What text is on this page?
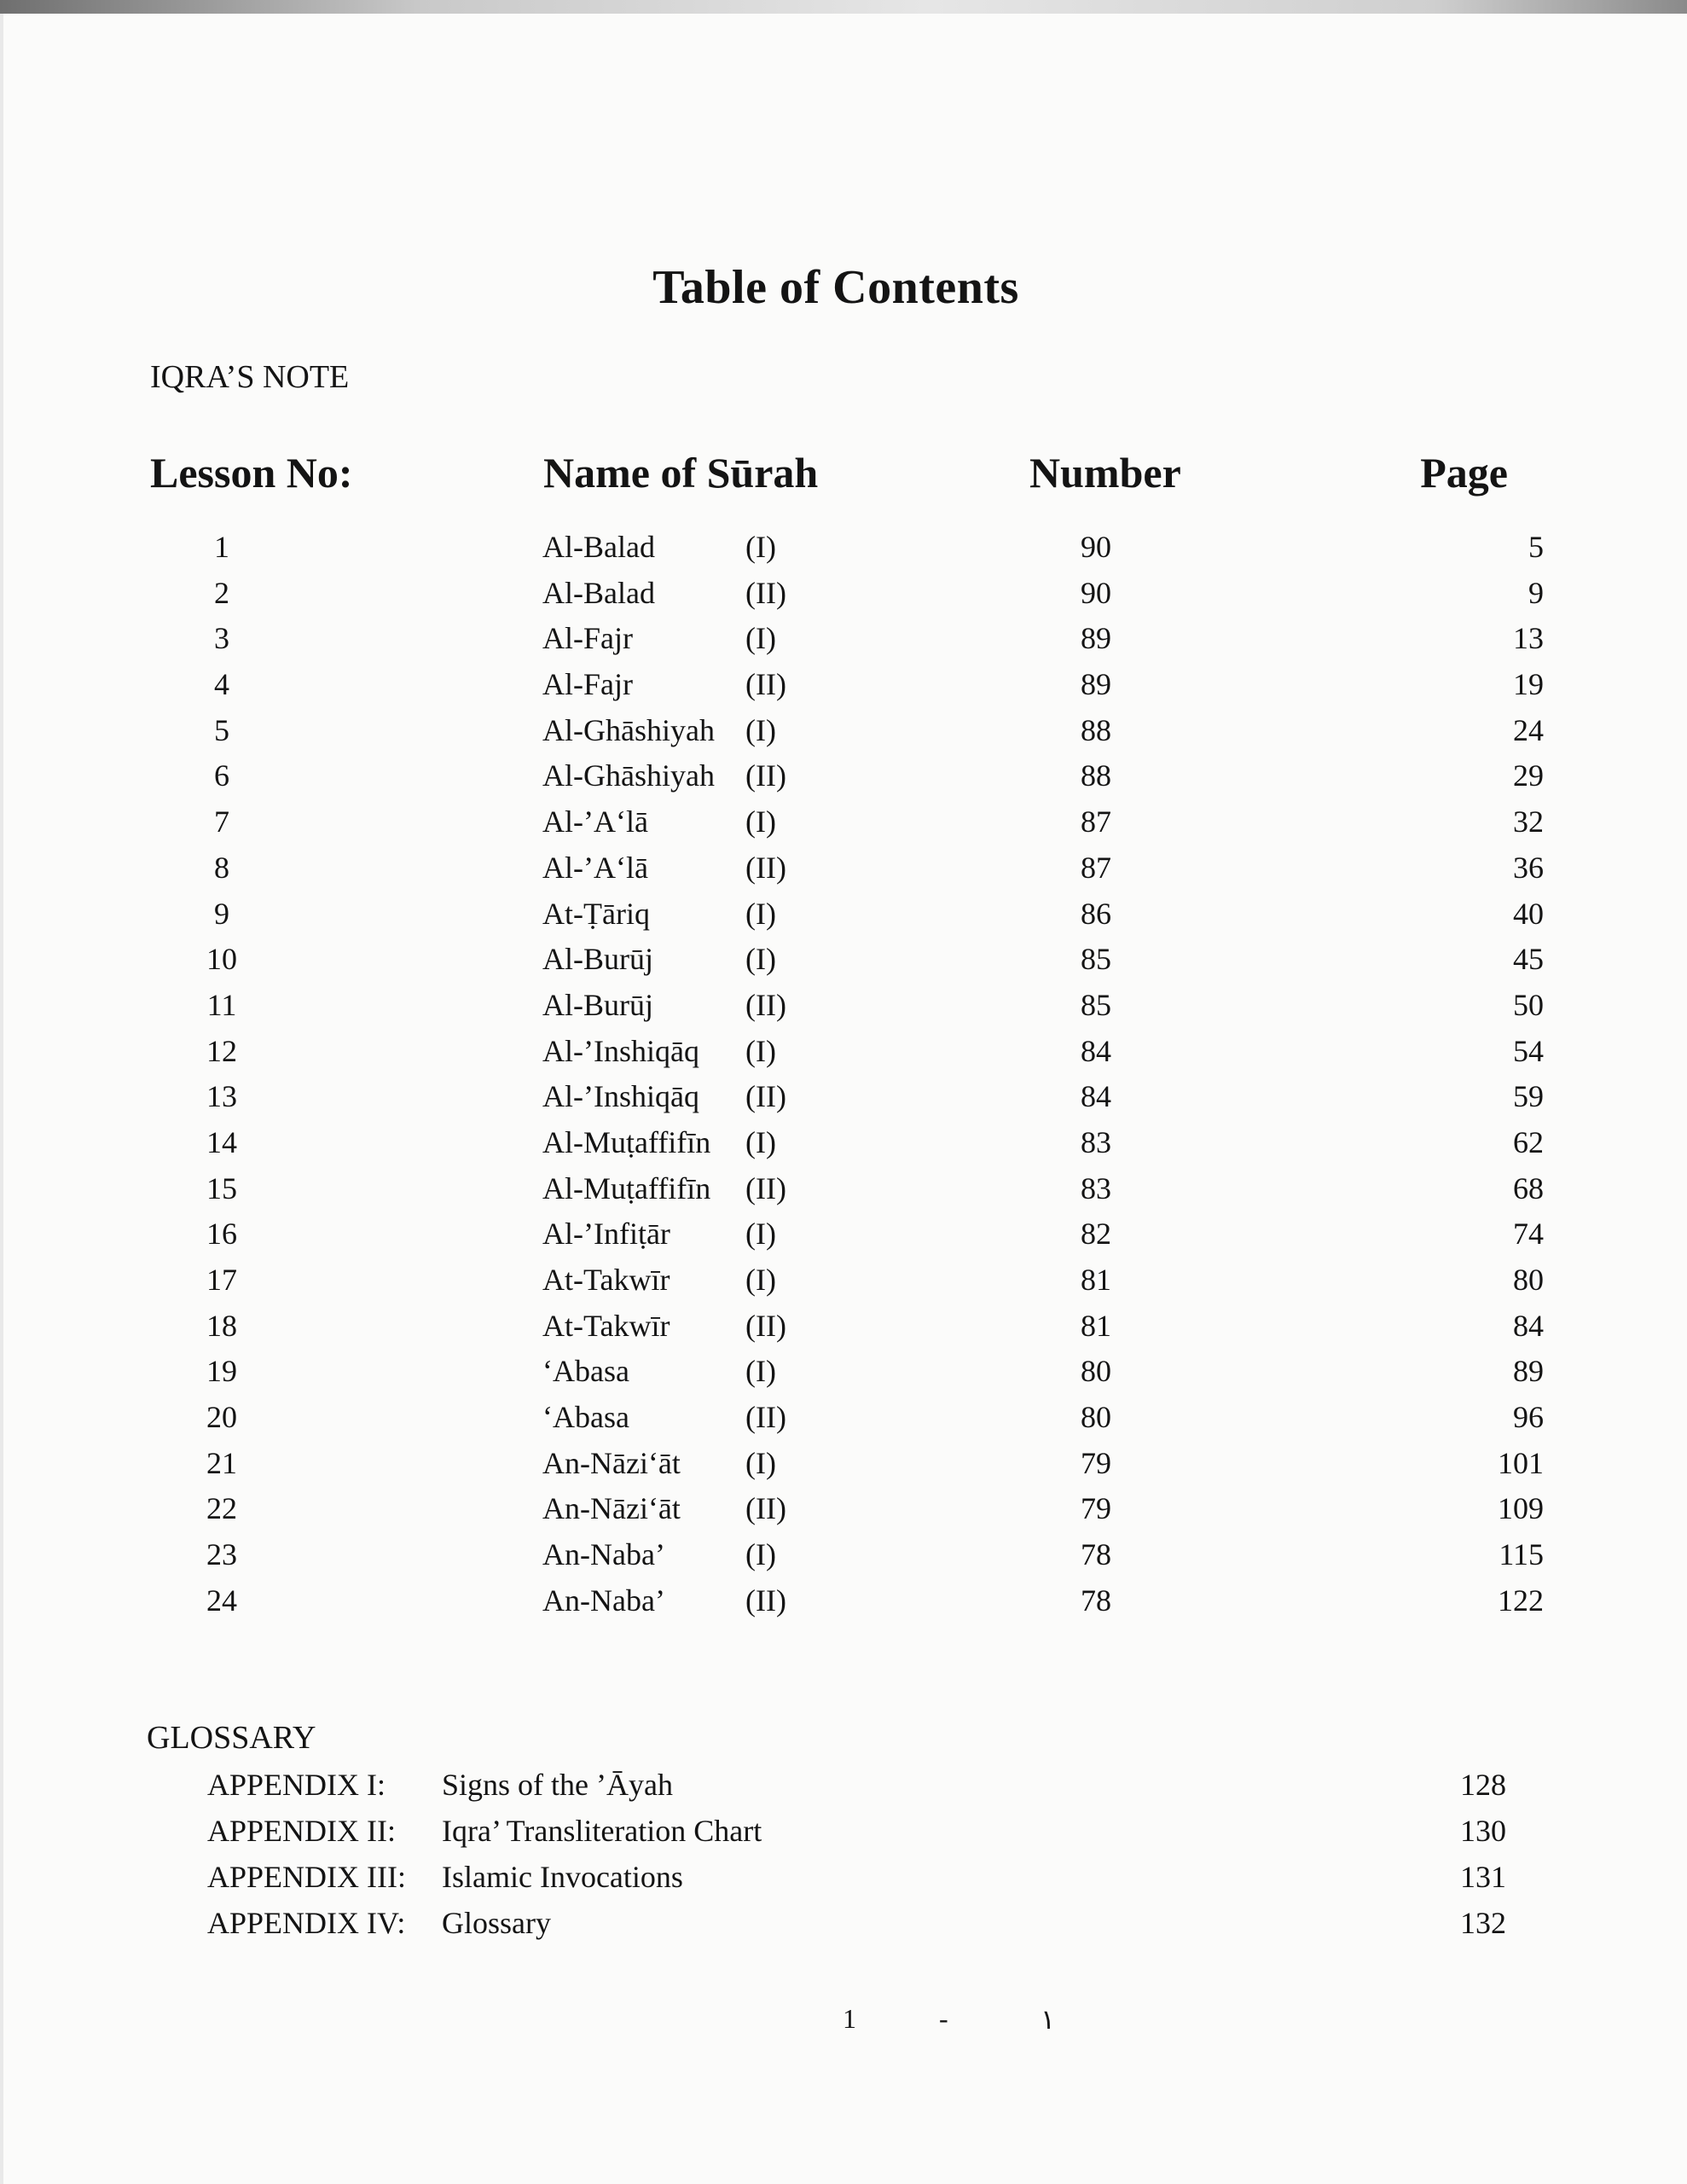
Table of Contents
IQRA’S NOTE
Lesson No:	Name of Sūrah	Number	Page
1	Al-Balad	(I)	90	5
2	Al-Balad	(II)	90	9
3	Al-Fajr	(I)	89	13
4	Al-Fajr	(II)	89	19
5	Al-Ghāshiyah (I)	88	24
6	Al-Ghāshiyah (II)	88	29
7	Al-’A‘lā	(I)	87	32
8	Al-’A‘lā	(II)	87	36
9	At-Ṭāriq	(I)	86	40
10	Al-Burūj	(I)	85	45
11	Al-Burūj	(II)	85	50
12	Al-’Inshiqāq (I)	84	54
13	Al-’Inshiqāq (II)	84	59
14	Al-Muṭaffifīn (I)	83	62
15	Al-Muṭaffifīn (II)	83	68
16	Al-’Infiṭār (I)	82	74
17	At-Takwīr (I)	81	80
18	At-Takwīr (II)	81	84
19	‘Abasa	(I)	80	89
20	‘Abasa	(II)	80	96
21	An-Nāzi‘āt (I)	79	101
22	An-Nāzi‘āt (II)	79	109
23	An-Naba’	(I)	78	115
24	An-Naba’	(II)	78	122
GLOSSARY
APPENDIX I: Signs of the ’Āyah	128
APPENDIX II: Iqra’ Transliteration Chart	130
APPENDIX III: Islamic Invocations	131
APPENDIX IV: Glossary	132
1	-	١
